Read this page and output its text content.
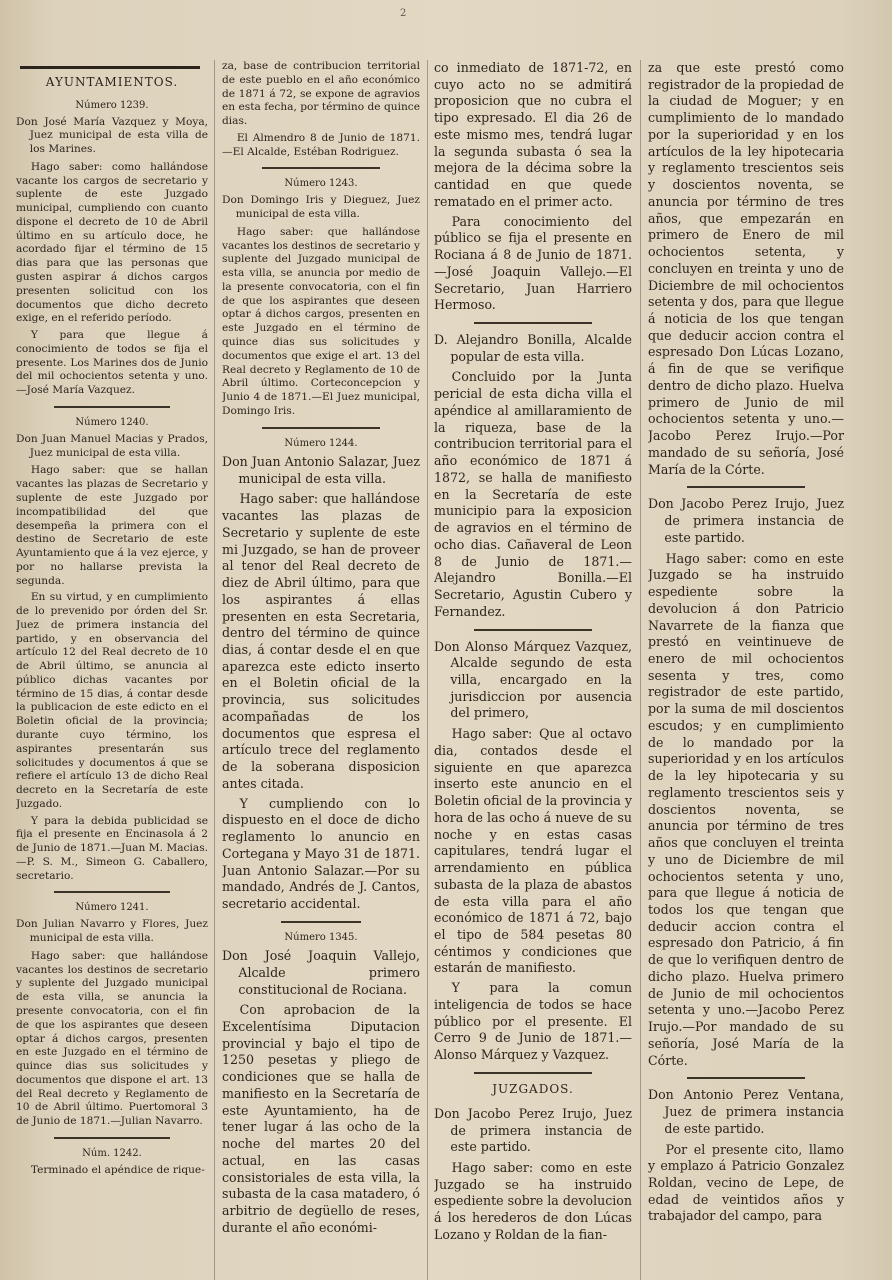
AYUNTAMIENTOS.
Número 1239.

Don José María Vazquez y Moya, Juez municipal de esta villa de los Marines.

Hago saber: como hallándose vacante los cargos de secretario y suplente de este Juzgado municipal, cumpliendo con cuanto dispone el decreto de 10 de Abril último en su artículo doce, he acordado fijar el término de 15 dias para que las personas que gusten aspirar á dichos cargos presenten solicitud con los documentos que dicho decreto exige, en el referido período.

Y para que llegue á conocimiento de todos se fija el presente. Los Marines dos de Junio del mil ochocientos setenta y uno.—José María Vazquez.

Número 1240.

Don Juan Manuel Macias y Prados, Juez municipal de esta villa.

Hago saber: que se hallan vacantes las plazas de Secretario y suplente de este Juzgado por incompatibilidad del que desempeña la primera con el destino de Secretario de este Ayuntamiento que á la vez ejerce, y por no hallarse prevista la segunda.

En su virtud, y en cumplimiento de lo prevenido por órden del Sr. Juez de primera instancia del partido, y en observancia del artículo 12 del Real decreto de 10 de Abril último, se anuncia al público dichas vacantes por término de 15 dias, á contar desde la publicacion de este edicto en el Boletin oficial de la provincia; durante cuyo término, los aspirantes presentarán sus solicitudes y documentos á que se refiere el artículo 13 de dicho Real decreto en la Secretaría de este Juzgado.

Y para la debida publicidad se fija el presente en Encinasola á 2 de Junio de 1871.—Juan M. Macias.—P. S. M., Simeon G. Caballero, secretario.

Número 1241.

Don Julian Navarro y Flores, Juez municipal de esta villa.

Hago saber: que hallándose vacantes los destinos de secretario y suplente del Juzgado municipal de esta villa, se anuncia la presente convocatoria, con el fin de que los aspirantes que deseen optar á dichos cargos, presenten en este Juzgado en el término de quince dias sus solicitudes y documentos que dispone el art. 13 del Real decreto y Reglamento de 10 de Abril último. Puertomoral 3 de Junio de 1871.—Julian Navarro.

Núm. 1242.

Terminado el apéndice de rique-

za, base de contribucion territorial de este pueblo en el año económico de 1871 á 72, se expone de agravios en esta fecha, por término de quince dias.

El Almendro 8 de Junio de 1871.—El Alcalde, Estéban Rodriguez.

Número 1243.

Don Domingo Iris y Dieguez, Juez municipal de esta villa.

Hago saber: que hallándose vacantes los destinos de secretario y suplente del Juzgado municipal de esta villa, se anuncia por medio de la presente convocatoria, con el fin de que los aspirantes que deseen optar á dichos cargos, presenten en este Juzgado en el término de quince dias sus solicitudes y documentos que exige el art. 13 del Real decreto y Reglamento de 10 de Abril último. Corteconcepcion y Junio 4 de 1871.—El Juez municipal, Domingo Iris.

Número 1244.

Don Juan Antonio Salazar, Juez municipal de esta villa.

Hago saber: que hallándose vacantes las plazas de Secretario y suplente de este mi Juzgado, se han de proveer al tenor del Real decreto de diez de Abril último, para que los aspirantes á ellas presenten en esta Secretaria, dentro del término de quince dias, á contar desde el en que aparezca este edicto inserto en el Boletin oficial de la provincia, sus solicitudes acompañadas de los documentos que espresa el artículo trece del reglamento de la soberana disposicion antes citada.

Y cumpliendo con lo dispuesto en el doce de dicho reglamento lo anuncio en Cortegana y Mayo 31 de 1871. Juan Antonio Salazar.—Por su mandado, Andrés de J. Cantos, secretario accidental.

Número 1345.

Don José Joaquin Vallejo, Alcalde primero constitucional de Rociana.

Con aprobacion de la Excelentísima Diputacion provincial y bajo el tipo de 1250 pesetas y pliego de condiciones que se halla de manifiesto en la Secretaría de este Ayuntamiento, ha de tener lugar á las ocho de la noche del martes 20 del actual, en las casas consistoriales de esta villa, la subasta de la casa matadero, ó arbitrio de degüello de reses, durante el año económi-

co inmediato de 1871-72, en cuyo acto no se admitirá proposicion que no cubra el tipo expresado. El dia 26 de este mismo mes, tendrá lugar la segunda subasta ó sea la mejora de la décima sobre la cantidad en que quede rematado en el primer acto.

Para conocimiento del público se fija el presente en Rociana á 8 de Junio de 1871.—José Joaquin Vallejo.—El Secretario, Juan Harriero Hermoso.

D. Alejandro Bonilla, Alcalde popular de esta villa.

Concluido por la Junta pericial de esta dicha villa el apéndice al amillaramiento de la riqueza, base de la contribucion territorial para el año económico de 1871 á 1872, se halla de manifiesto en la Secretaría de este municipio para la exposicion de agravios en el término de ocho dias. Cañaveral de Leon 8 de Junio de 1871.—Alejandro Bonilla.—El Secretario, Agustin Cubero y Fernandez.

Don Alonso Márquez Vazquez, Alcalde segundo de esta villa, encargado en la jurisdiccion por ausencia del primero,

Hago saber: Que al octavo dia, contados desde el siguiente en que aparezca inserto este anuncio en el Boletin oficial de la provincia y hora de las ocho á nueve de su noche y en estas casas capitulares, tendrá lugar el arrendamiento en pública subasta de la plaza de abastos de esta villa para el año económico de 1871 á 72, bajo el tipo de 584 pesetas 80 céntimos y condiciones que estarán de manifiesto.

Y para la comun inteligencia de todos se hace público por el presente. El Cerro 9 de Junio de 1871.—Alonso Márquez y Vazquez.

JUZGADOS.

Don Jacobo Perez Irujo, Juez de primera instancia de este partido.

Hago saber: como en este Juzgado se ha instruido espediente sobre la devolucion á los herederos de don Lúcas Lozano y Roldan de la fian-

za que este prestó como registrador de la propiedad de la ciudad de Moguer; y en cumplimiento de lo mandado por la superioridad y en los artículos de la ley hipotecaria y reglamento trescientos seis y doscientos noventa, se anuncia por término de tres años, que empezarán en primero de Enero de mil ochocientos setenta, y concluyen en treinta y uno de Diciembre de mil ochocientos setenta y dos, para que llegue á noticia de los que tengan que deducir accion contra el espresado Don Lúcas Lozano, á fin de que se verifique dentro de dicho plazo. Huelva primero de Junio de mil ochocientos setenta y uno.—Jacobo Perez Irujo.—Por mandado de su señoría, José María de la Córte.

Don Jacobo Perez Irujo, Juez de primera instancia de este partido.

Hago saber: como en este Juzgado se ha instruido espediente sobre la devolucion á don Patricio Navarrete de la fianza que prestó en veintinueve de enero de mil ochocientos sesenta y tres, como registrador de este partido, por la suma de mil doscientos escudos; y en cumplimiento de lo mandado por la superioridad y en los artículos de la ley hipotecaria y su reglamento trescientos seis y doscientos noventa, se anuncia por término de tres años que concluyen el treinta y uno de Diciembre de mil ochocientos setenta y uno, para que llegue á noticia de todos los que tengan que deducir accion contra el espresado don Patricio, á fin de que lo verifiquen dentro de dicho plazo. Huelva primero de Junio de mil ochocientos setenta y uno.—Jacobo Perez Irujo.—Por mandado de su señoría, José María de la Córte.

Don Antonio Perez Ventana, Juez de primera instancia de este partido.

Por el presente cito, llamo y emplazo á Patricio Gonzalez Roldan, vecino de Lepe, de edad de veintidos años y trabajador del campo, para

2
